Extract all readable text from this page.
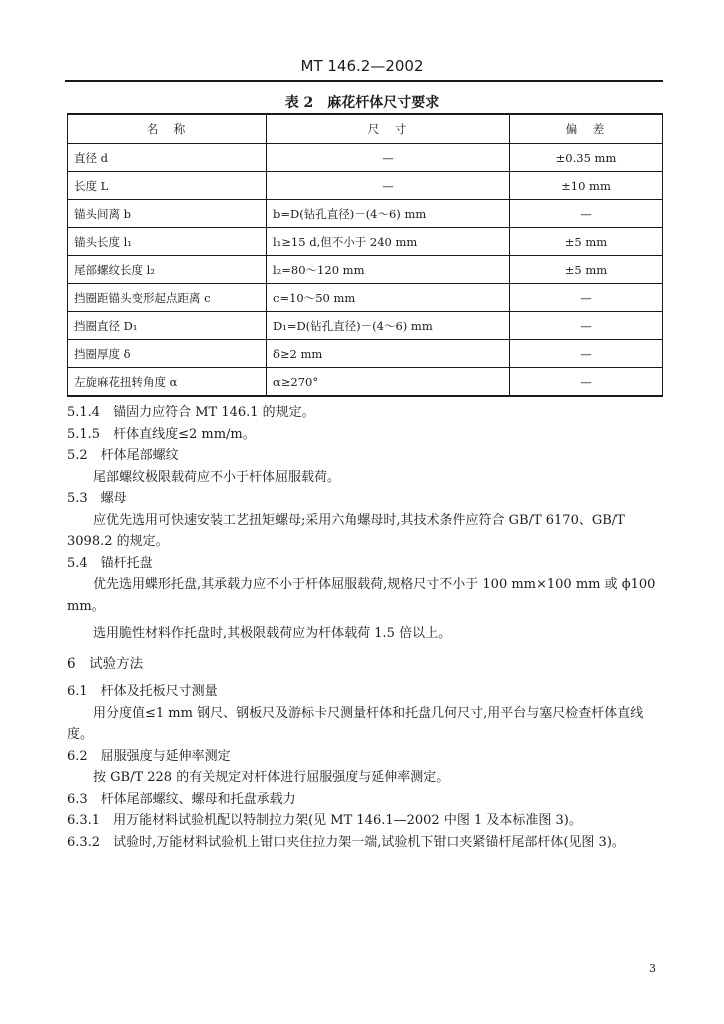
MT 146.2—2002
表 2　麻花杆体尺寸要求
名　称	尺　寸	偏　差
直径 d	—	±0.35 mm
长度 L	—	±10 mm
锚头间离 b	b=D(钻孔直径)－(4～6) mm	—
锚头长度 l₁	l₁≥15 d,但不小于 240 mm	±5 mm
尾部螺纹长度 l₂	l₂=80～120 mm	±5 mm
挡圈距锚头变形起点距离 c	c=10～50 mm	—
挡圈直径 D₁	D₁=D(钻孔直径)－(4～6) mm	—
挡圈厚度 δ	δ≥2 mm	—
左旋麻花扭转角度 α	α≥270°	—

5.1.4　锚固力应符合 MT 146.1 的规定。

5.1.5　杆体直线度≤2 mm/m。

5.2　杆体尾部螺纹

尾部螺纹极限载荷应不小于杆体屈服载荷。

5.3　螺母

应优先选用可快速安装工艺扭矩螺母;采用六角螺母时,其技术条件应符合 GB/T 6170、GB/T 3098.2 的规定。

5.4　锚杆托盘

优先选用蝶形托盘,其承载力应不小于杆体屈服载荷,规格尺寸不小于 100 mm×100 mm 或 ϕ100 mm。

选用脆性材料作托盘时,其极限载荷应为杆体载荷 1.5 倍以上。

6　试验方法

6.1　杆体及托板尺寸测量

用分度值≤1 mm 钢尺、钢板尺及游标卡尺测量杆体和托盘几何尺寸,用平台与塞尺检查杆体直线度。

6.2　屈服强度与延伸率测定

按 GB/T 228 的有关规定对杆体进行屈服强度与延伸率测定。

6.3　杆体尾部螺纹、螺母和托盘承载力

6.3.1　用万能材料试验机配以特制拉力架(见 MT 146.1—2002 中图 1 及本标准图 3)。

6.3.2　试验时,万能材料试验机上钳口夹住拉力架一端,试验机下钳口夹紧锚杆尾部杆体(见图 3)。

3
